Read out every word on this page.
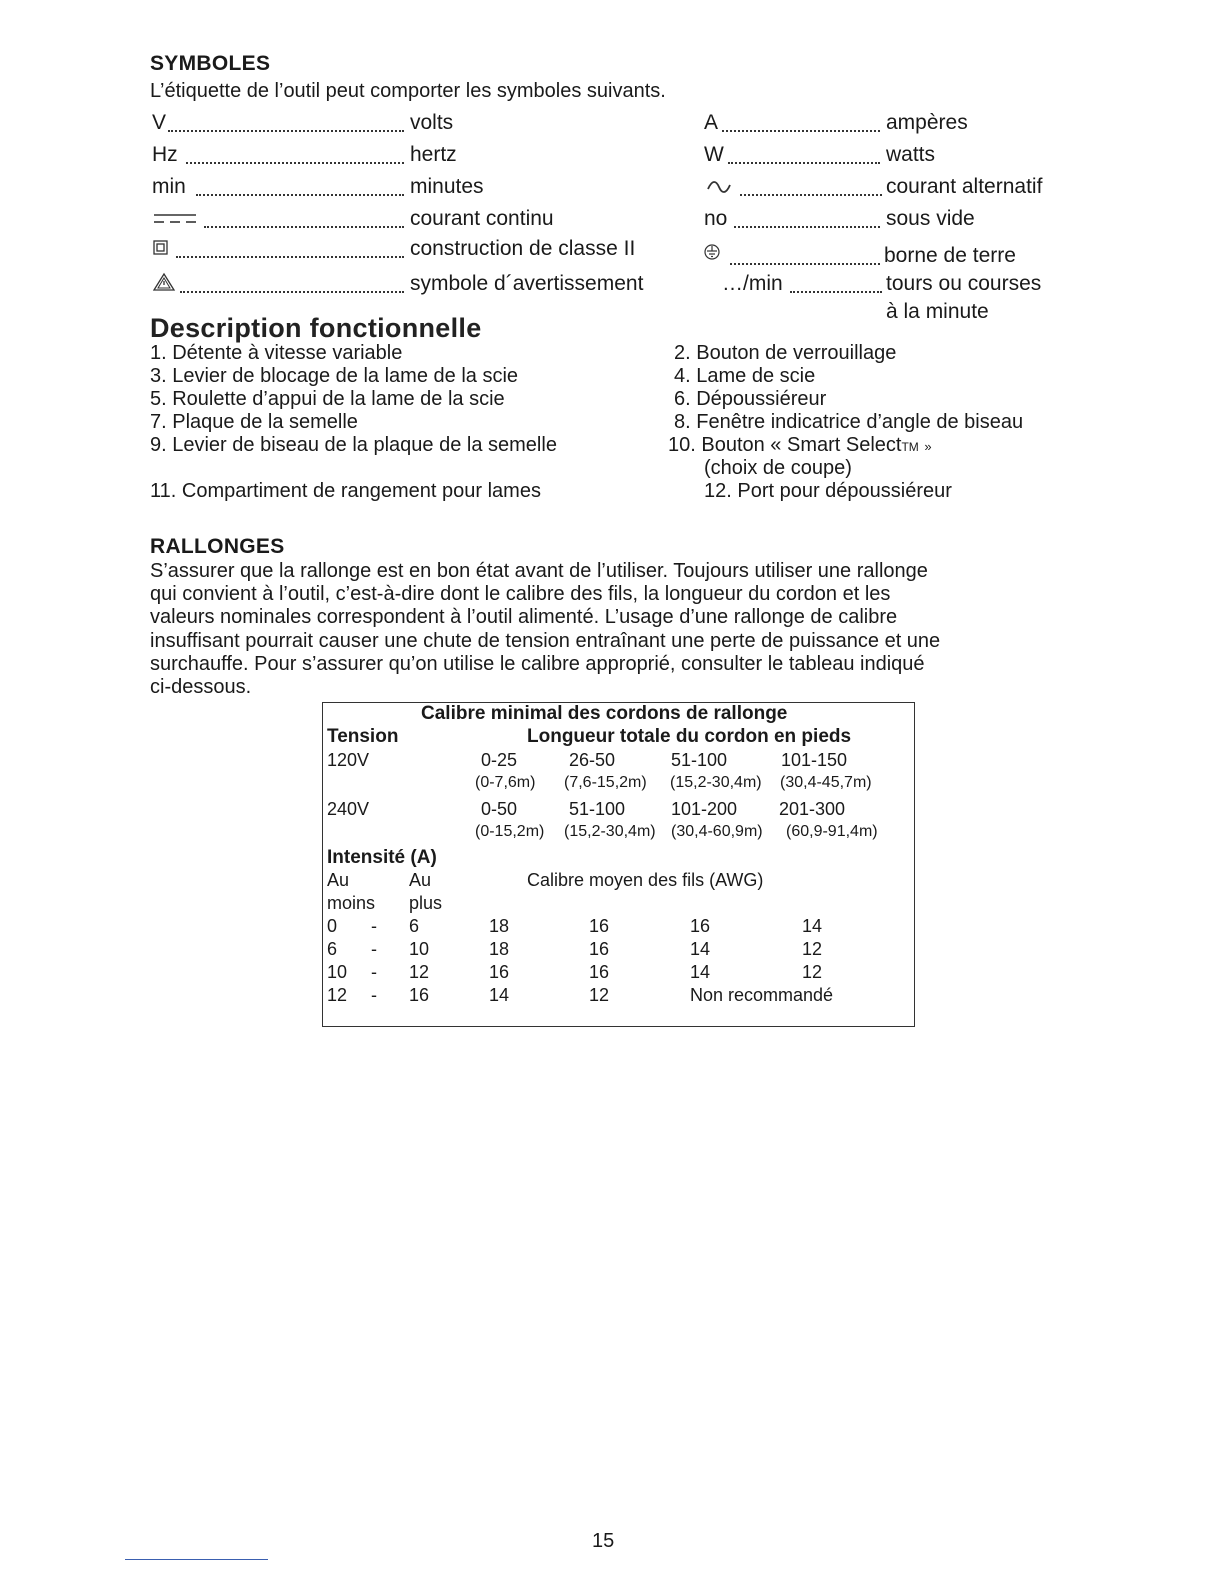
SYMBOLES
L’étiquette de l’outil peut comporter les symboles suivants.
V	volts
Hz	hertz
min	minutes
courant continu
construction de classe II
symbole d´avertissement
A	ampères
W	watts
courant alternatif
no	sous vide
borne de terre
…/min	tours ou courses
à la minute
Description fonctionnelle
1. Détente à vitesse variable	2. Bouton de verrouillage
3. Levier de blocage de la lame de la scie	4. Lame de scie
5. Roulette d’appui de la lame de la scie	6. Dépoussiéreur
7. Plaque de la semelle	8. Fenêtre indicatrice d’angle de biseau
9. Levier de biseau de la plaque de la semelle	10. Bouton « Smart SelectTM »
(choix de coupe)
11. Compartiment de rangement pour lames	12. Port pour dépoussiéreur
RALLONGES
S’assurer que la rallonge est en bon état avant de l’utiliser. Toujours utiliser une rallonge
qui convient à l’outil, c’est-à-dire dont le calibre des fils, la longueur du cordon et les
valeurs nominales correspondent à l’outil alimenté. L’usage d’une rallonge de calibre
insuffisant pourrait causer une chute de tension entraînant une perte de puissance et une
surchauffe. Pour s’assurer qu’on utilise le calibre approprié, consulter le tableau indiqué
ci-dessous.
Calibre minimal des cordons de rallonge
Tension	Longueur totale du cordon en pieds
120V	0-25	26-50	51-100	101-150
(0-7,6m) (7,6-15,2m) (15,2-30,4m) (30,4-45,7m)
240V	0-50	51-100	101-200 201-300
(0-15,2m) (15,2-30,4m) (30,4-60,9m) (60,9-91,4m)
Intensité (A)
Au	Au	Calibre moyen des fils (AWG)
moins plus
0 - 6	18	16	16	14
6 - 10	18	16	14	12
10 - 12	16	16	14	12
12 - 16	14	12	Non recommandé
15
